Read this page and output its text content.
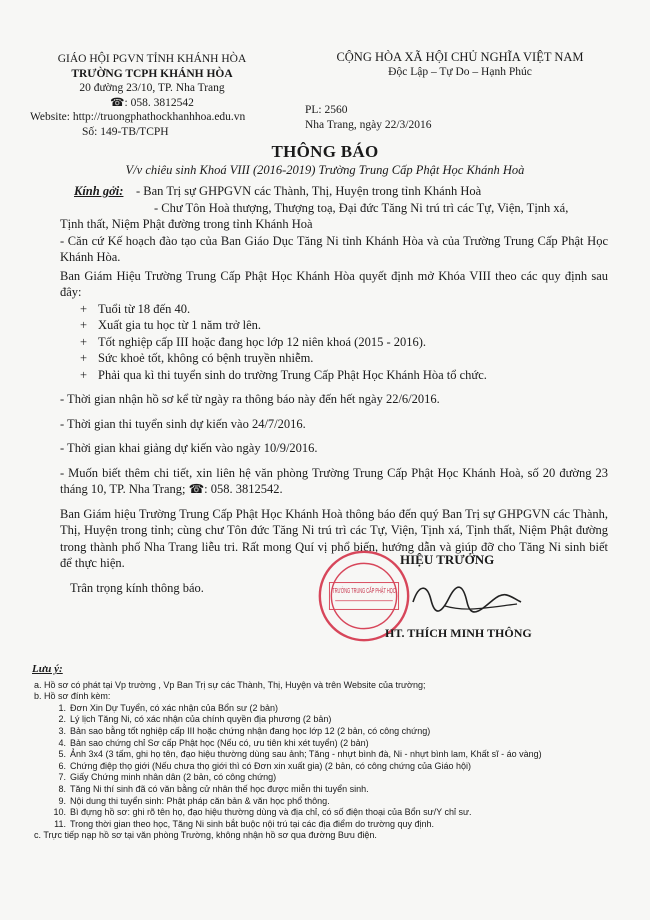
GIÁO HỘI PGVN TỈNH KHÁNH HÒA
TRƯỜNG TCPH KHÁNH HÒA
20 đường 23/10, TP. Nha Trang
☎: 058. 3812542
Website: http://truongphathockhanhhoa.edu.vn
Số: 149-TB/TCPH
CỘNG HÒA XÃ HỘI CHỦ NGHĨA VIỆT NAM
Độc Lập – Tự Do – Hạnh Phúc
PL: 2560
Nha Trang, ngày 22/3/2016
THÔNG BÁO
V/v chiêu sinh Khoá VIII (2016-2019) Trường Trung Cấp Phật Học Khánh Hoà
Kính gởi:	- Ban Trị sự GHPGVN các Thành, Thị, Huyện trong tỉnh Khánh Hoà
- Chư Tôn Hoà thượng, Thượng toạ, Đại đức Tăng Ni trú trì các Tự, Viện, Tịnh xá,

Tịnh thất, Niệm Phật đường trong tỉnh Khánh Hoà

- Căn cứ Kế hoạch đào tạo của Ban Giáo Dục Tăng Ni tỉnh Khánh Hòa và của Trường Trung Cấp Phật Học Khánh Hòa.

Ban Giám Hiệu Trường Trung Cấp Phật Học Khánh Hòa quyết định mở Khóa VIII theo các quy định sau đây:

+ Tuổi từ 18 đến 40.
+ Xuất gia tu học từ 1 năm trở lên.
+ Tốt nghiệp cấp III hoặc đang học lớp 12 niên khoá (2015 - 2016).
+ Sức khoẻ tốt, không có bệnh truyền nhiễm.
+ Phải qua kì thi tuyển sinh do trường Trung Cấp Phật Học Khánh Hòa tổ chức.

- Thời gian nhận hồ sơ kể từ ngày ra thông báo này đến hết ngày 22/6/2016.

- Thời gian thi tuyển sinh dự kiến vào 24/7/2016.

- Thời gian khai giảng dự kiến vào ngày 10/9/2016.

- Muốn biết thêm chi tiết, xin liên hệ văn phòng Trường Trung Cấp Phật Học Khánh Hoà, số 20 đường 23 tháng 10, TP. Nha Trang; ☎: 058. 3812542.

Ban Giám hiệu Trường Trung Cấp Phật Học Khánh Hoà thông báo đến quý Ban Trị sự GHPGVN các Thành, Thị, Huyện trong tỉnh; cùng chư Tôn đức Tăng Ni trú trì các Tự, Viện, Tịnh xá, Tịnh thất, Niệm Phật đường trong thành phố Nha Trang liễu tri. Rất mong Quí vị phổ biến, hướng dẫn và giúp đỡ cho Tăng Ni sinh biết để thực hiện.

Trân trọng kính thông báo.	TRƯỜNG TRUNG CẤP PHẬT HỌC
HIỆU TRƯỞNG
HT. THÍCH MINH THÔNG
Lưu ý:
a. Hồ sơ có phát tại Vp trường , Vp Ban Trị sự các Thành, Thị, Huyện và trên Website của trường;
b. Hồ sơ đính kèm:
1. Đơn Xin Dự Tuyển, có xác nhận của Bổn sư (2 bản)
2. Lý lịch Tăng Ni, có xác nhận của chính quyền địa phương (2 bản)
3. Bản sao bằng tốt nghiệp cấp III hoặc chứng nhận đang học lớp 12 (2 bản, có công chứng)
4. Bản sao chứng chỉ Sơ cấp Phật học (Nếu có, ưu tiên khi xét tuyển) (2 bản)
5. Ảnh 3x4 (3 tấm, ghi họ tên, đạo hiệu thường dùng sau ảnh; Tăng - nhựt bình đà, Ni - nhựt bình lam, Khất sĩ - áo vàng)
6. Chứng điệp thọ giới (Nếu chưa thọ giới thì có Đơn xin xuất gia) (2 bản, có công chứng của Giáo hội)
7. Giấy Chứng minh nhân dân (2 bản, có công chứng)
8. Tăng Ni thí sinh đã có văn bằng cử nhân thế học được miễn thi tuyển sinh.
9. Nội dung thi tuyển sinh: Phật pháp căn bản & văn học phổ thông.
10. Bì đựng hồ sơ: ghi rõ tên họ, đạo hiệu thường dùng và địa chỉ, có số điện thoại của Bổn sư/Y chỉ sư.
11. Trong thời gian theo học, Tăng Ni sinh bắt buộc nội trú tại các địa điểm do trường quy định.
c. Trực tiếp nạp hồ sơ tại văn phòng Trường, không nhận hồ sơ qua đường Bưu điện.
